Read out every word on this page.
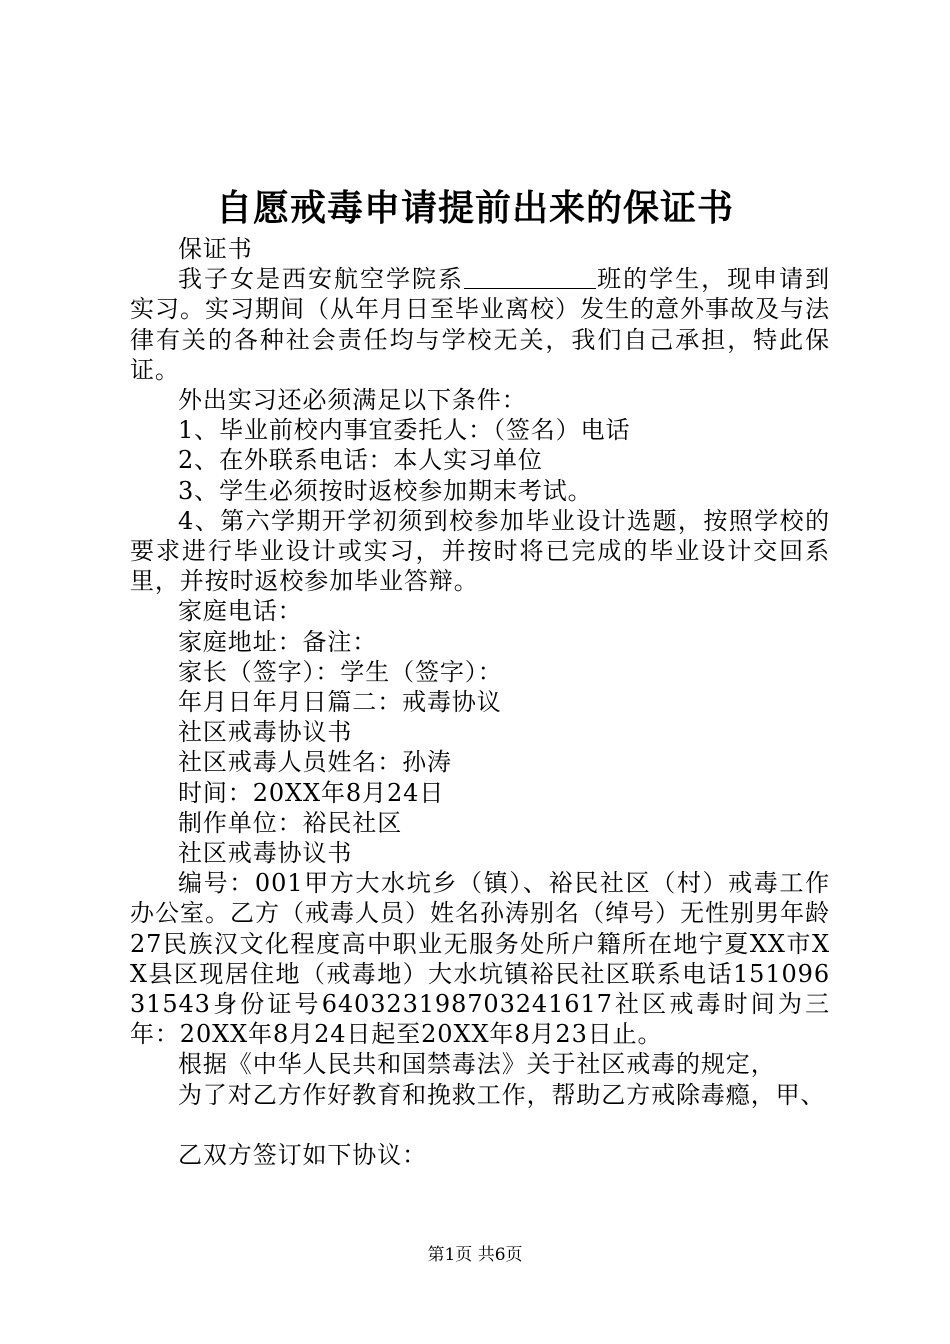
自愿戒毒申请提前出来的保证书

保证书

我子女是西安航空学院系	班的学生，现申请到实习。实习期间（从年月日至毕业离校）发生的意外事故及与法律有关的各种社会责任均与学校无关，我们自己承担，特此保证。

外出实习还必须满足以下条件：

1、毕业前校内事宜委托人：（签名）电话

2、在外联系电话：本人实习单位

3、学生必须按时返校参加期末考试。

4、第六学期开学初须到校参加毕业设计选题，按照学校的要求进行毕业设计或实习，并按时将已完成的毕业设计交回系里，并按时返校参加毕业答辩。

家庭电话：

家庭地址：备注：

家长（签字）：学生（签字）：

年月日年月日篇二：戒毒协议

社区戒毒协议书

社区戒毒人员姓名：孙涛

时间：20XX年8月24日

制作单位：裕民社区

社区戒毒协议书

编号：001甲方大水坑乡（镇）、裕民社区（村）戒毒工作办公室。乙方（戒毒人员）姓名孙涛别名（绰号）无性别男年龄27民族汉文化程度高中职业无服务处所户籍所在地宁夏XX市XX县区现居住地（戒毒地）大水坑镇裕民社区联系电话15109631543身份证号640323198703241617社区戒毒时间为三年：20XX年8月24日起至20XX年8月23日止。

根据《中华人民共和国禁毒法》关于社区戒毒的规定，

为了对乙方作好教育和挽救工作，帮助乙方戒除毒瘾，甲、

乙双方签订如下协议：

第1页 共6页
